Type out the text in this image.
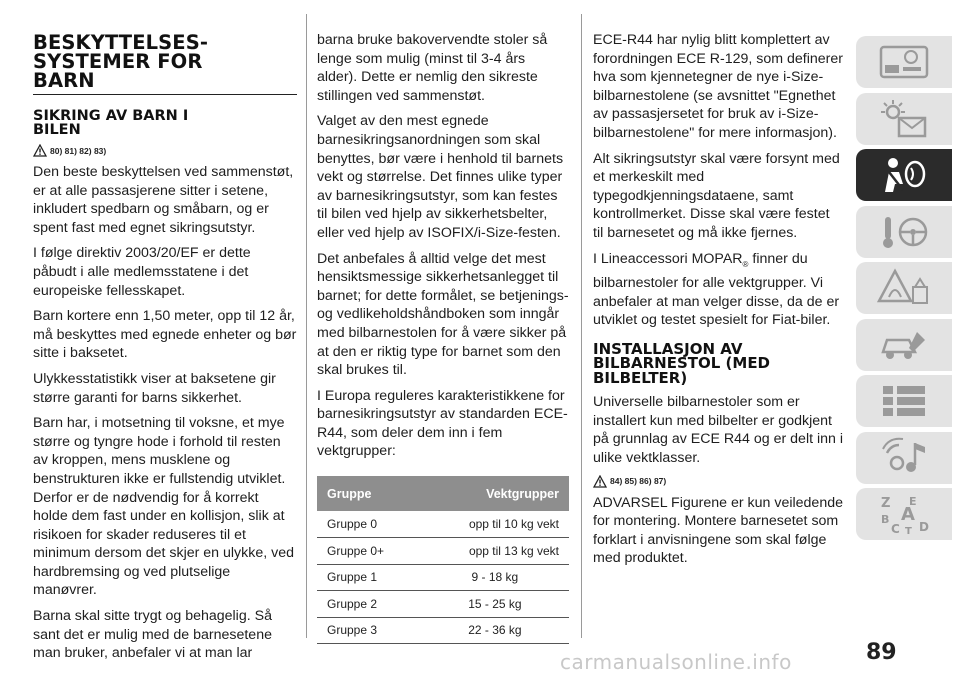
BESKYTTELSES-
SYSTEMER FOR
BARN
SIKRING AV BARN I
BILEN
80) 81) 82) 83)

Den beste beskyttelsen ved sammenstøt, er at alle passasjerene sitter i setene, inkludert spedbarn og småbarn, og er spent fast med egnet sikringsutstyr.

I følge direktiv 2003/20/EF er dette påbudt i alle medlemsstatene i det europeiske fellesskapet.

Barn kortere enn 1,50 meter, opp til 12 år, må beskyttes med egnede enheter og bør sitte i baksetet.

Ulykkesstatistikk viser at baksetene gir større garanti for barns sikkerhet.

Barn har, i motsetning til voksne, et mye større og tyngre hode i forhold til resten av kroppen, mens musklene og benstrukturen ikke er fullstendig utviklet. Derfor er de nødvendig for å korrekt holde dem fast under en kollisjon, slik at risikoen for skader reduseres til et minimum dersom det skjer en ulykke, ved hardbremsing og ved plutselige manøvrer.

Barna skal sitte trygt og behagelig. Så sant det er mulig med de barnesetene man bruker, anbefaler vi at man lar

barna bruke bakovervendte stoler så lenge som mulig (minst til 3-4 års alder). Dette er nemlig den sikreste stillingen ved sammenstøt.

Valget av den mest egnede barnesikringsanordningen som skal benyttes, bør være i henhold til barnets vekt og størrelse. Det finnes ulike typer av barnesikringsutstyr, som kan festes til bilen ved hjelp av sikkerhetsbelter, eller ved hjelp av ISOFIX/i-Size-festen.

Det anbefales å alltid velge det mest hensiktsmessige sikkerhetsanlegget til barnet; for dette formålet, se betjenings- og vedlikeholdshåndboken som inngår med bilbarnestolen for å være sikker på at den er riktig type for barnet som den skal brukes til.

I Europa reguleres karakteristikkene for barnesikringsutstyr av standarden ECE-R44, som deler dem inn i fem vektgrupper:

Gruppe	Vektgrupper
Gruppe 0	opp til 10 kg vekt
Gruppe 0+	opp til 13 kg vekt
Gruppe 1	9 - 18 kg
Gruppe 2	15 - 25 kg
Gruppe 3	22 - 36 kg

ECE-R44 har nylig blitt komplettert av forordningen ECE R-129, som definerer hva som kjennetegner de nye i-Size-bilbarnestolene (se avsnittet "Egnethet av passasjersetet for bruk av i-Size-bilbarnestolene" for mere informasjon).

Alt sikringsutstyr skal være forsynt med et merkeskilt med typegodkjenningsdataene, samt kontrollmerket. Disse skal være festet til barnesetet og må ikke fjernes.

I Lineaccessori $MOPAR_®$ finner du bilbarnestoler for alle vektgrupper. Vi anbefaler at man velger disse, da de er utviklet og testet spesielt for Fiat-biler.

INSTALLASJON AV
BILBARNESTOL (MED
BILBELTER)

Universelle bilbarnestoler som er installert kun med bilbelter er godkjent på grunnlag av ECE R44 og er delt inn i ulike vektklasser.

84) 85) 86) 87)

ADVARSEL Figurene er kun veiledende for montering. Montere barnesetet som forklart i anvisningene som skal følge med produktet.

Z E
A
B
C T D
carmanualsonline.info	89
